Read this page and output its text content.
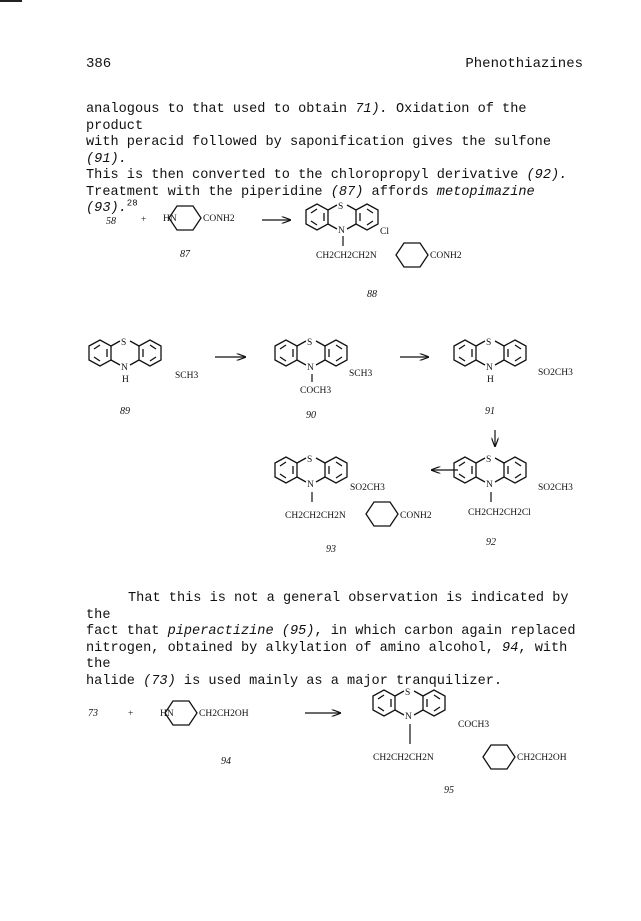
386	Phenothiazines

analogous to that used to obtain 71). Oxidation of the product
with peracid followed by saponification gives the sulfone (91).
This is then converted to the chloropropyl derivative (92).
Treatment with the piperidine (87) affords metopimazine (93).$^{28}$

That this is not a general observation is indicated by the
fact that piperactizine (95), in which carbon again replaced
nitrogen, obtained by alkylation of amino alcohol, 94, with the
halide (73) is used mainly as a major tranquilizer.

58	+ HN	CONH2
87
S
N	Cl
CH2CH2CH2N	CONH2
88
S
N
H	SCH3
89
S
N
SCH3
COCH3
90
S
N
H
SO2CH3
91
S
N	SO2CH3
CH2CH2CH2N	CONH2
93
S
N	SO2CH3
CH2CH2CH2Cl
92
73	+	HN	CH2CH2OH
94
S
N
COCH3
CH2CH2CH2N	CH2CH2OH
95
